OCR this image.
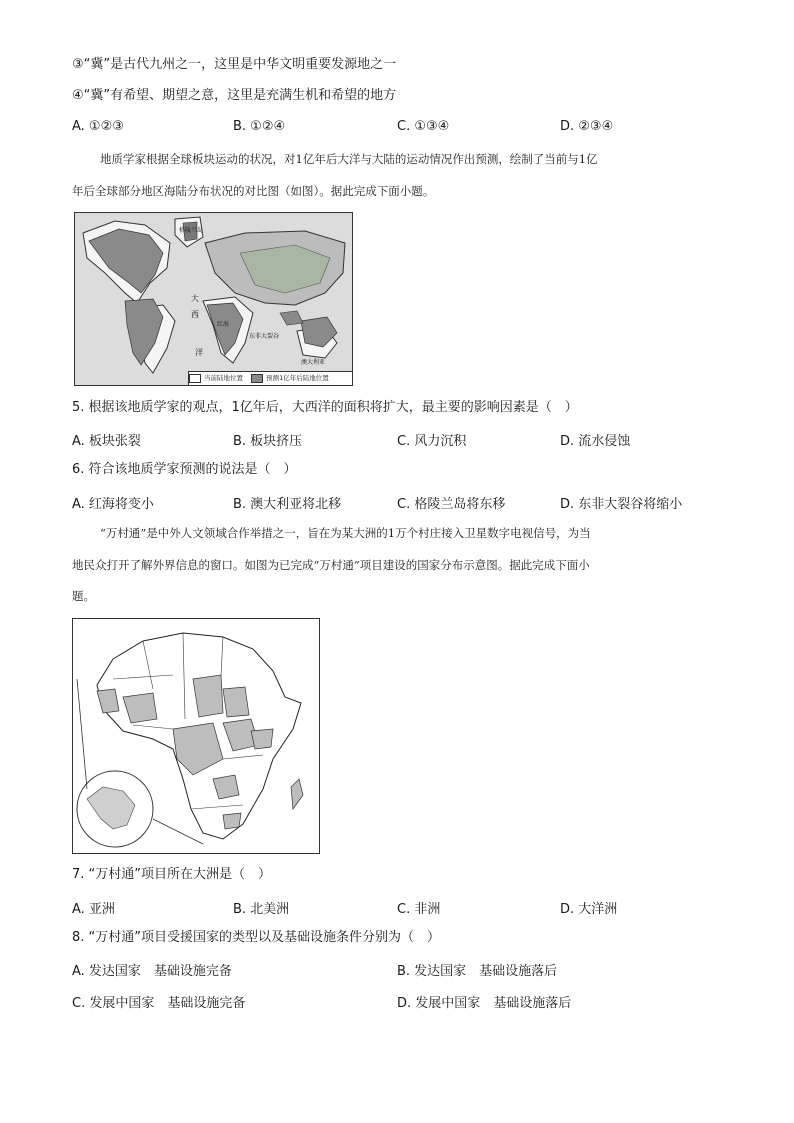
③“冀”是古代九州之一，这里是中华文明重要发源地之一
④“冀”有希望、期望之意，这里是充满生机和希望的地方
A. ①②③	B. ①②④	C. ①③④	D. ②③④
地质学家根据全球板块运动的状况，对1亿年后大洋与大陆的运动情况作出预测，绘制了当前与1亿
年后全球部分地区海陆分布状况的对比图（如图）。据此完成下面小题。
大
西
洋
格陵兰岛
红海
东非大裂谷
澳大利亚
当前陆地位置	预测1亿年后陆地位置
5. 根据该地质学家的观点，1亿年后，大西洋的面积将扩大，最主要的影响因素是（　）
A. 板块张裂	B. 板块挤压	C. 风力沉积	D. 流水侵蚀
6. 符合该地质学家预测的说法是（　）
A. 红海将变小	B. 澳大利亚将北移	C. 格陵兰岛将东移	D. 东非大裂谷将缩小
“万村通”是中外人文领域合作举措之一，旨在为某大洲的1万个村庄接入卫星数字电视信号，为当
地民众打开了解外界信息的窗口。如图为已完成“万村通”项目建设的国家分布示意图。据此完成下面小
题。
7. “万村通”项目所在大洲是（　）
A. 亚洲	B. 北美洲	C. 非洲	D. 大洋洲
8. “万村通”项目受援国家的类型以及基础设施条件分别为（　）
A. 发达国家　基础设施完备	B. 发达国家　基础设施落后
C. 发展中国家　基础设施完备	D. 发展中国家　基础设施落后
